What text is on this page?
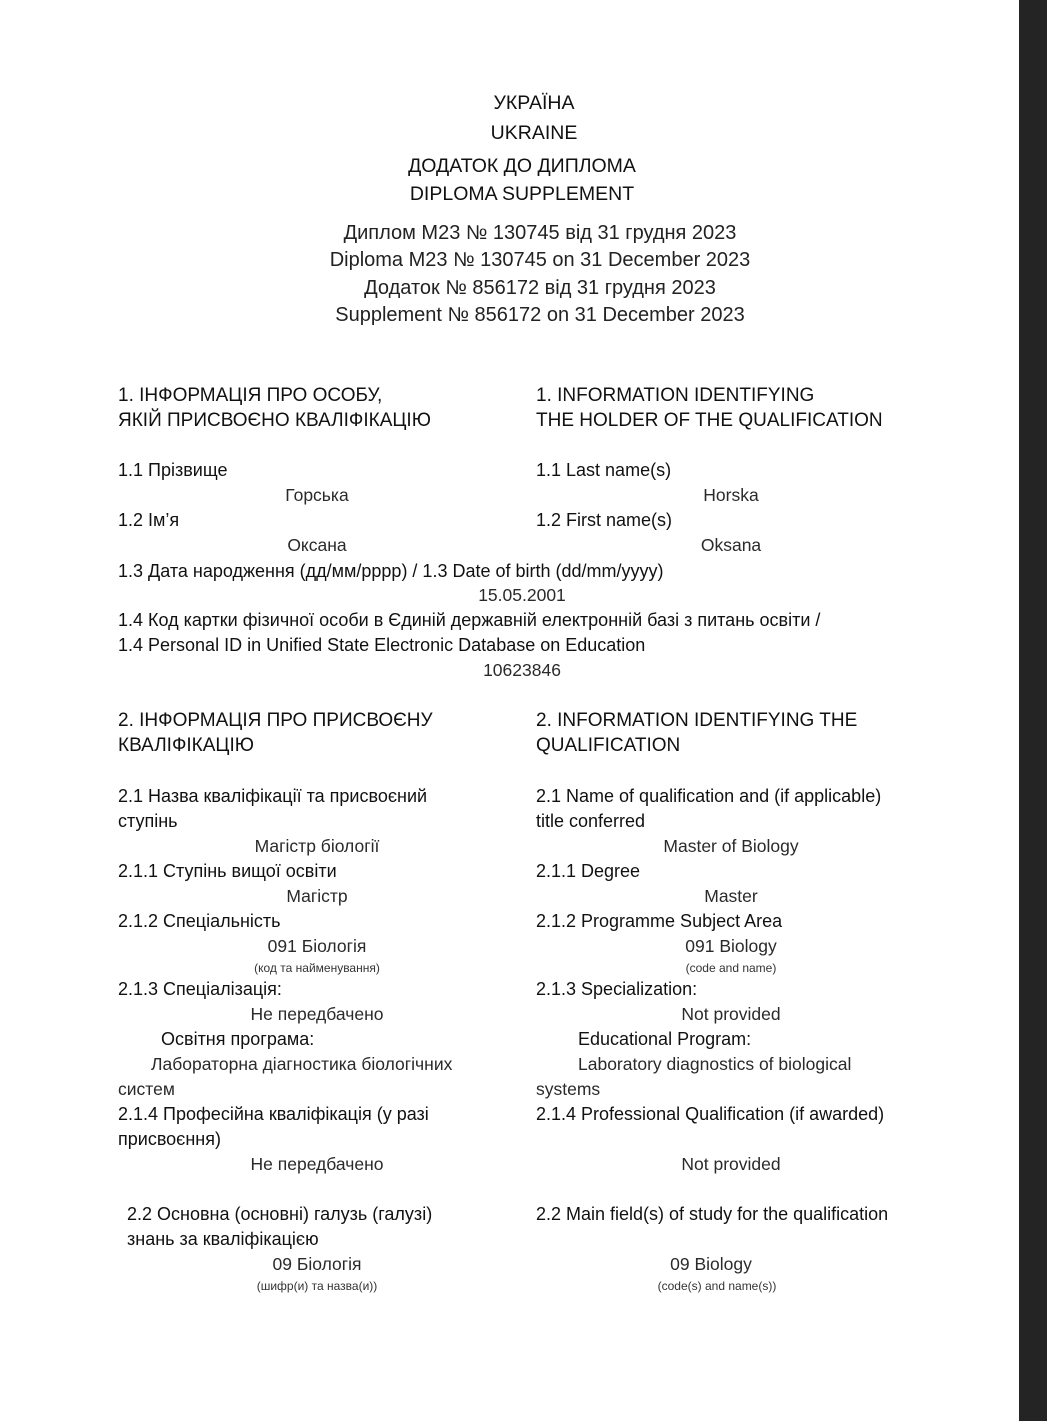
УКРАЇНА
UKRAINE
ДОДАТОК ДО ДИПЛОМА
DIPLOMA SUPPLEMENT
Диплом М23 № 130745 від 31 грудня 2023
Diploma М23 № 130745 on 31 December 2023
Додаток № 856172 від 31 грудня 2023
Supplement № 856172 on 31 December 2023
1. ІНФОРМАЦІЯ ПРО ОСОБУ,
ЯКІЙ ПРИСВОЄНО КВАЛІФІКАЦІЮ
1. INFORMATION IDENTIFYING
THE HOLDER OF THE QUALIFICATION
1.1 Прізвище	1.1 Last name(s)
Горська	Horska
1.2 Ім’я	1.2 First name(s)
Оксана	Oksana
1.3 Дата народження (дд/мм/рррр) / 1.3 Date of birth (dd/mm/yyyy)
15.05.2001
1.4 Код картки фізичної особи в Єдиній державній електронній базі з питань освіти /
1.4 Personal ID in Unified State Electronic Database on Education
10623846
2. ІНФОРМАЦІЯ ПРО ПРИСВОЄНУ
КВАЛІФІКАЦІЮ
2. INFORMATION IDENTIFYING THE
QUALIFICATION
2.1 Назва кваліфікації та присвоєний
ступінь
2.1 Name of qualification and (if applicable)
title conferred
Магістр біології	Master of Biology
2.1.1 Ступінь вищої освіти	2.1.1 Degree
Магістр	Master
2.1.2 Спеціальність	2.1.2 Programme Subject Area
091 Біологія	091 Biology
(код та найменування)	(code and name)
2.1.3 Спеціалізація:	2.1.3 Specialization:
Не передбачено	Not provided
Освітня програма:	Educational Program:
Лабораторна діагностика біологічних
систем
Laboratory diagnostics of biological
systems
2.1.4 Професійна кваліфікація (у разі
присвоєння)
2.1.4 Professional Qualification (if awarded)
Не передбачено	Not provided
2.2 Основна (основні) галузь (галузі)
знань за кваліфікацією
2.2 Main field(s) of study for the qualification
09 Біологія	09 Biology
(шифр(и) та назва(и))	(code(s) and name(s))
